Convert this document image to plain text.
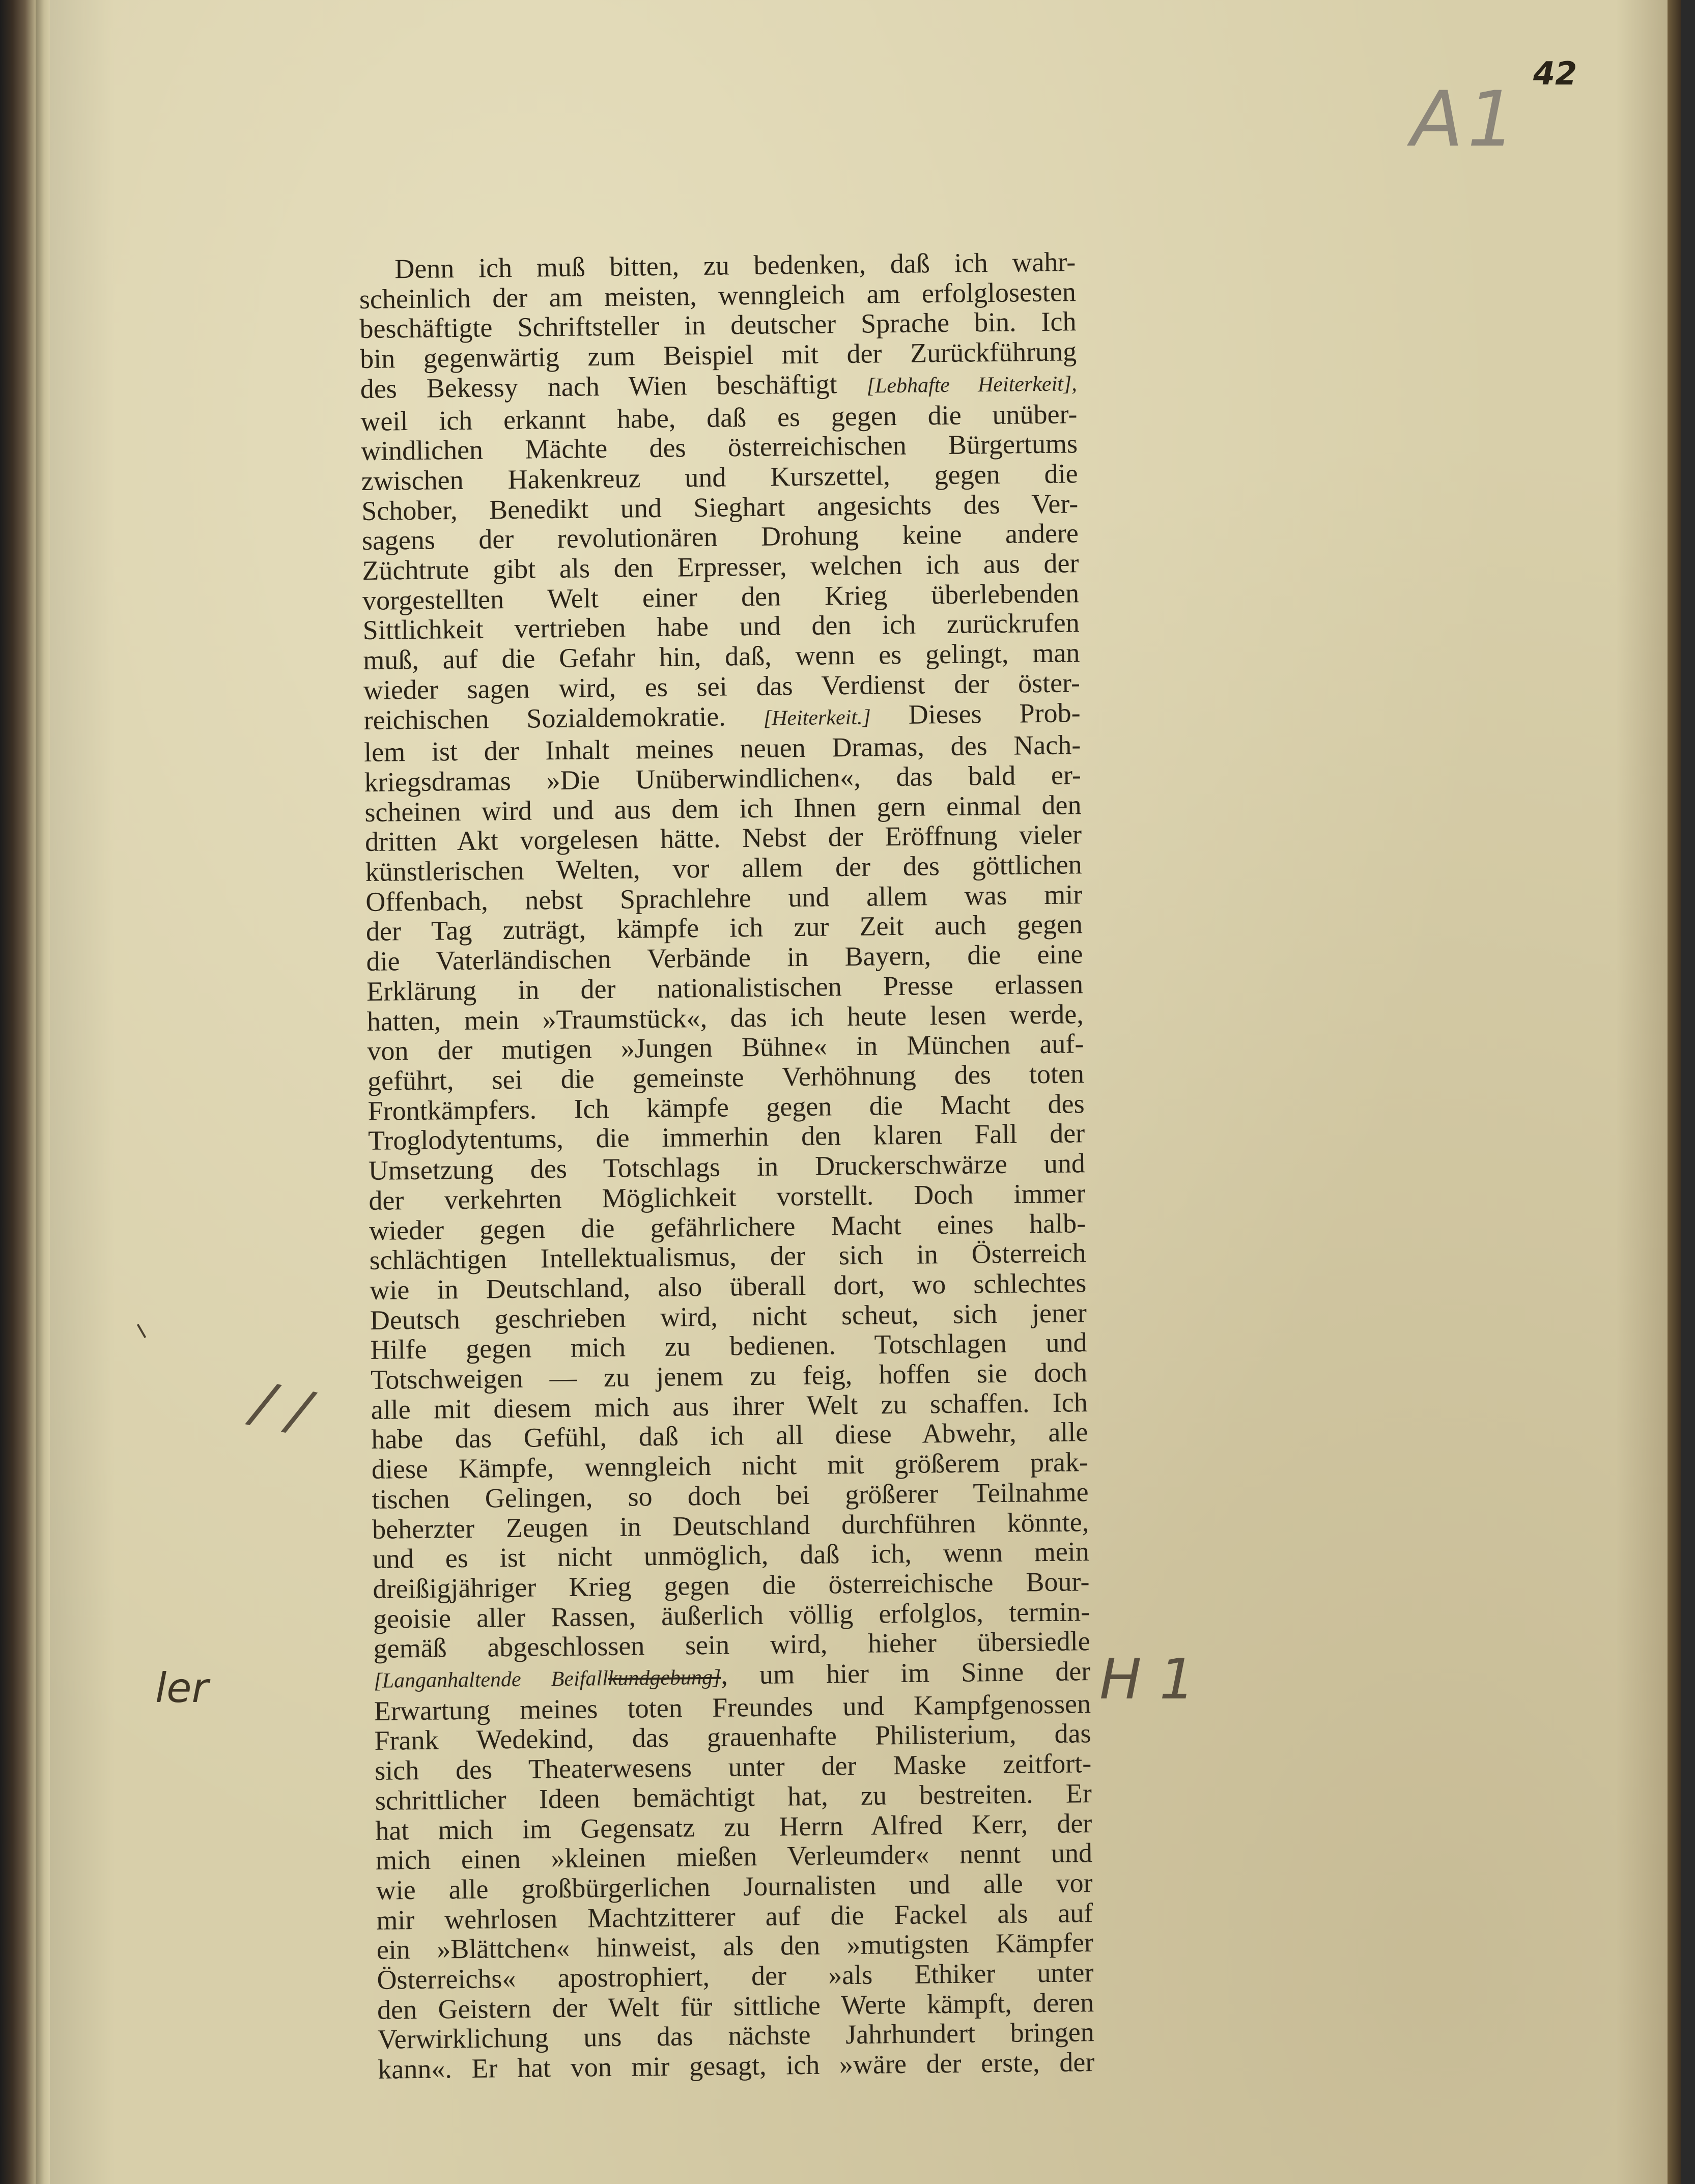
A1
42
Denn ich muß bitten, zu bedenken, daß ich wahr-
scheinlich der am meisten, wenngleich am erfolglosesten
beschäftigte Schriftsteller in deutscher Sprache bin. Ich
bin gegenwärtig zum Beispiel mit der Zurückführung
des Bekessy nach Wien beschäftigt [Lebhafte Heiterkeit],
weil ich erkannt habe, daß es gegen die unüber-
windlichen Mächte des österreichischen Bürgertums
zwischen Hakenkreuz und Kurszettel, gegen die
Schober, Benedikt und Sieghart angesichts des Ver-
sagens der revolutionären Drohung keine andere
Züchtrute gibt als den Erpresser, welchen ich aus der
vorgestellten Welt einer den Krieg überlebenden
Sittlichkeit vertrieben habe und den ich zurückrufen
muß, auf die Gefahr hin, daß, wenn es gelingt, man
wieder sagen wird, es sei das Verdienst der öster-
reichischen Sozialdemokratie. [Heiterkeit.] Dieses Prob-
lem ist der Inhalt meines neuen Dramas, des Nach-
kriegsdramas »Die Unüberwindlichen«, das bald er-
scheinen wird und aus dem ich Ihnen gern einmal den
dritten Akt vorgelesen hätte. Nebst der Eröffnung vieler
künstlerischen Welten, vor allem der des göttlichen
Offenbach, nebst Sprachlehre und allem was mir
der Tag zuträgt, kämpfe ich zur Zeit auch gegen
die Vaterländischen Verbände in Bayern, die eine
Erklärung in der nationalistischen Presse erlassen
hatten, mein »Traumstück«, das ich heute lesen werde,
von der mutigen »Jungen Bühne« in München auf-
geführt, sei die gemeinste Verhöhnung des toten
Frontkämpfers. Ich kämpfe gegen die Macht des
Troglodytentums, die immerhin den klaren Fall der
Umsetzung des Totschlags in Druckerschwärze und
der verkehrten Möglichkeit vorstellt. Doch immer
wieder gegen die gefährlichere Macht eines halb-
schlächtigen Intellektualismus, der sich in Österreich
wie in Deutschland, also überall dort, wo schlechtes
Deutsch geschrieben wird, nicht scheut, sich jener
Hilfe gegen mich zu bedienen. Totschlagen und
Totschweigen — zu jenem zu feig, hoffen sie doch
alle mit diesem mich aus ihrer Welt zu schaffen. Ich
habe das Gefühl, daß ich all diese Abwehr, alle
diese Kämpfe, wenngleich nicht mit größerem prak-
tischen Gelingen, so doch bei größerer Teilnahme
beherzter Zeugen in Deutschland durchführen könnte,
und es ist nicht unmöglich, daß ich, wenn mein
dreißigjähriger Krieg gegen die österreichische Bour-
geoisie aller Rassen, äußerlich völlig erfolglos, termin-
gemäß abgeschlossen sein wird, hieher übersiedle
[Langanhaltende Beifallkundgebung], um hier im Sinne der
Erwartung meines toten Freundes und Kampfgenossen
Frank Wedekind, das grauenhafte Philisterium, das
sich des Theaterwesens unter der Maske zeitfort-
schrittlicher Ideen bemächtigt hat, zu bestreiten. Er
hat mich im Gegensatz zu Herrn Alfred Kerr, der
mich einen »kleinen mießen Verleumder« nennt und
wie alle großbürgerlichen Journalisten und alle vor
mir wehrlosen Machtzitterer auf die Fackel als auf
ein »Blättchen« hinweist, als den »mutigsten Kämpfer
Österreichs« apostrophiert, der »als Ethiker unter
den Geistern der Welt für sittliche Werte kämpft, deren
Verwirklichung uns das nächste Jahrhundert bringen
kann«. Er hat von mir gesagt, ich »wäre der erste, der
/ /
ler	H 1
